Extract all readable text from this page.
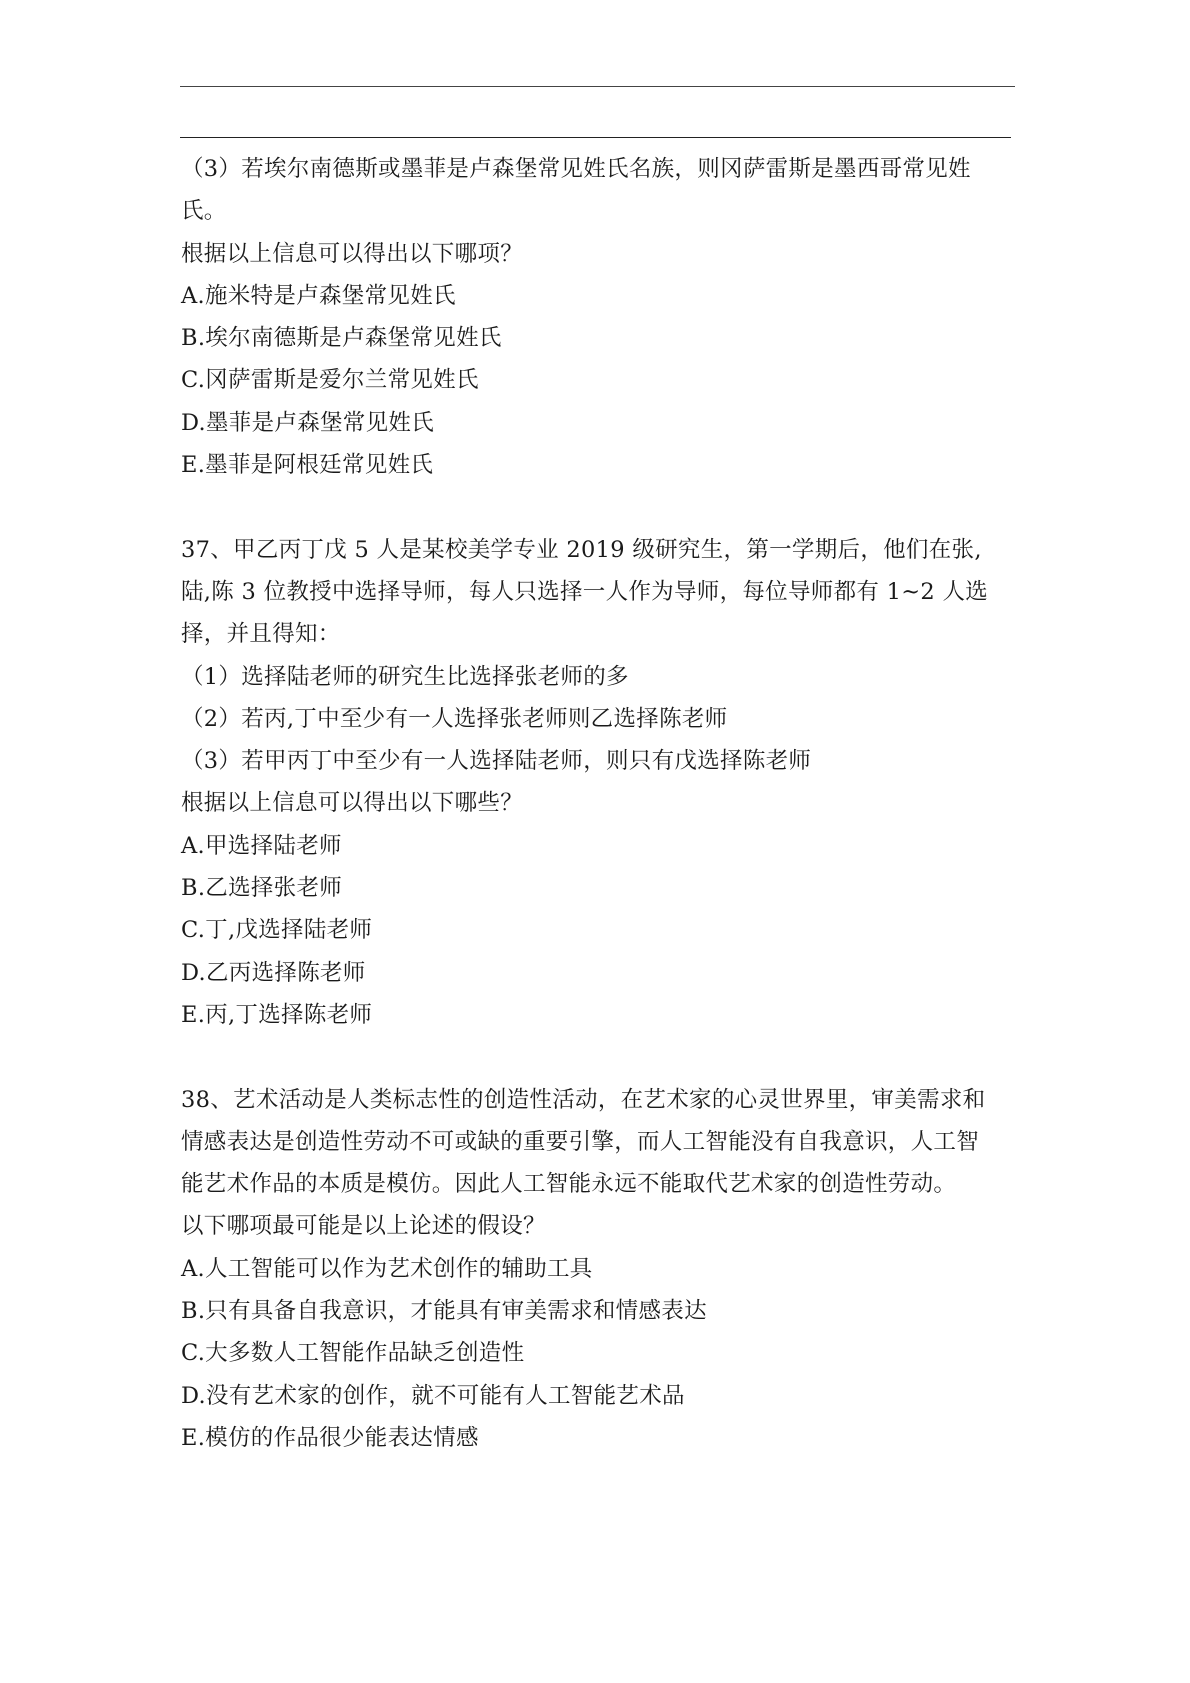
（3）若埃尔南德斯或墨菲是卢森堡常见姓氏名族，则冈萨雷斯是墨西哥常见姓
氏。
根据以上信息可以得出以下哪项？
A.施米特是卢森堡常见姓氏
B.埃尔南德斯是卢森堡常见姓氏
C.冈萨雷斯是爱尔兰常见姓氏
D.墨菲是卢森堡常见姓氏
E.墨菲是阿根廷常见姓氏
37、甲乙丙丁戊 5 人是某校美学专业 2019 级研究生，第一学期后，他们在张,
陆,陈 3 位教授中选择导师，每人只选择一人作为导师，每位导师都有 1~2 人选
择，并且得知：
（1）选择陆老师的研究生比选择张老师的多
（2）若丙,丁中至少有一人选择张老师则乙选择陈老师
（3）若甲丙丁中至少有一人选择陆老师，则只有戊选择陈老师
根据以上信息可以得出以下哪些？
A.甲选择陆老师
B.乙选择张老师
C.丁,戊选择陆老师
D.乙丙选择陈老师
E.丙,丁选择陈老师
38、艺术活动是人类标志性的创造性活动，在艺术家的心灵世界里，审美需求和
情感表达是创造性劳动不可或缺的重要引擎，而人工智能没有自我意识，人工智
能艺术作品的本质是模仿。因此人工智能永远不能取代艺术家的创造性劳动。
以下哪项最可能是以上论述的假设？
A.人工智能可以作为艺术创作的辅助工具
B.只有具备自我意识，才能具有审美需求和情感表达
C.大多数人工智能作品缺乏创造性
D.没有艺术家的创作，就不可能有人工智能艺术品
E.模仿的作品很少能表达情感
